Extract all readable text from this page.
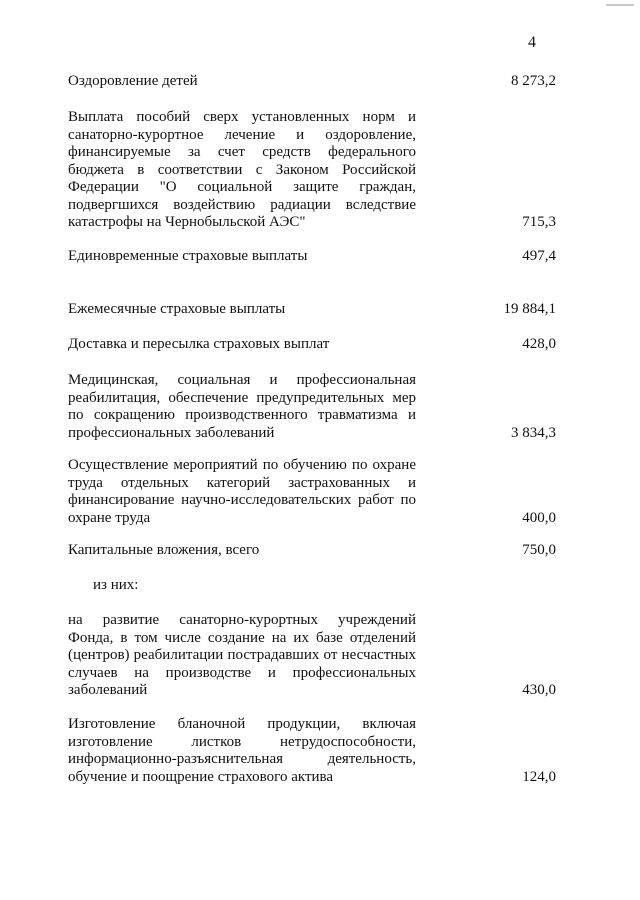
4
Оздоровление детей	8 273,2
Выплата пособий сверх установленных норм и санаторно-курортное лечение и оздоровление, финансируемые за счет средств федерального бюджета в соответствии с Законом Российской Федерации "О социальной защите граждан, подвергшихся воздействию радиации вследствие катастрофы на Чернобыльской АЭС"	715,3
Единовременные страховые выплаты	497,4
Ежемесячные страховые выплаты	19 884,1
Доставка и пересылка страховых выплат	428,0
Медицинская, социальная и профессиональная реабилитация, обеспечение предупредительных мер по сокращению производственного травматизма и профессиональных заболеваний	3 834,3
Осуществление мероприятий по обучению по охране труда отдельных категорий застрахованных и финансирование научно-исследовательских работ по охране труда	400,0
Капитальные вложения, всего	750,0
из них:
на развитие санаторно-курортных учреждений Фонда, в том числе создание на их базе отделений (центров) реабилитации пострадавших от несчастных случаев на производстве и профессиональных заболеваний	430,0
Изготовление бланочной продукции, включая изготовление листков нетрудоспособности, информационно-разъяснительная деятельность, обучение и поощрение страхового актива	124,0
